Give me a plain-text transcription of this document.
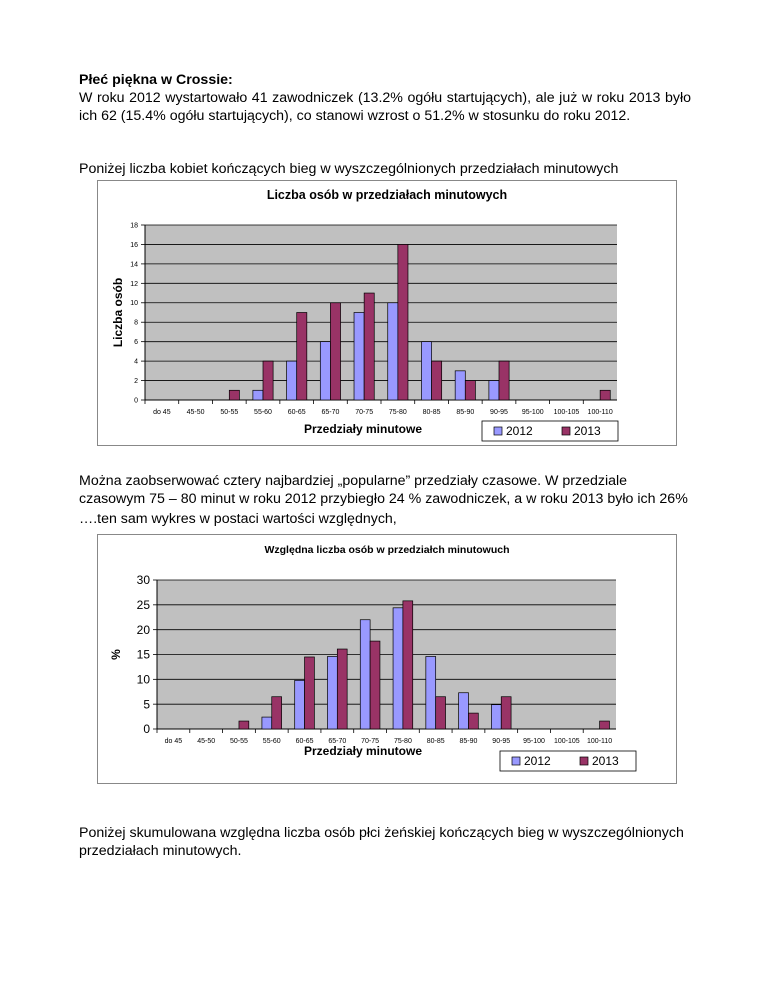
Płeć piękna w Crossie:
W roku 2012 wystartowało 41 zawodniczek (13.2% ogółu startujących), ale już w roku 2013 było ich 62 (15.4% ogółu startujących), co stanowi wzrost o 51.2% w stosunku do roku 2012.
Poniżej liczba kobiet kończących bieg w wyszczególnionych przedziałach minutowych
Liczba osób w przedziałach minutowych
0
2
4
6
8
10
12
14
16
18
do 45 45-50 50-55 55-60 60-65 65-70 70-75 75-80 80-85 85-90 90-95 95-100 100-105 100-110
Przedziały minutowe
Liczba osób
2012	2013
Można zaobserwować cztery najbardziej „popularne” przedziały czasowe. W przedziale czasowym 75 – 80 minut w roku 2012 przybiegło 24 % zawodniczek, a w roku 2013 było ich 26%
….ten sam wykres w postaci wartości względnych,
Względna liczba osób w przedziałch minutowuch
0
5
10
15
20
25
30
do 45 45-50 50-55 55-60 60-65 65-70 70-75 75-80 80-85 85-90 90-95 95-100 100-105 100-110
Przedziały minutowe
%
2012	2013
Poniżej skumulowana względna liczba osób płci żeńskiej kończących bieg w wyszczególnionych przedziałach minutowych.
